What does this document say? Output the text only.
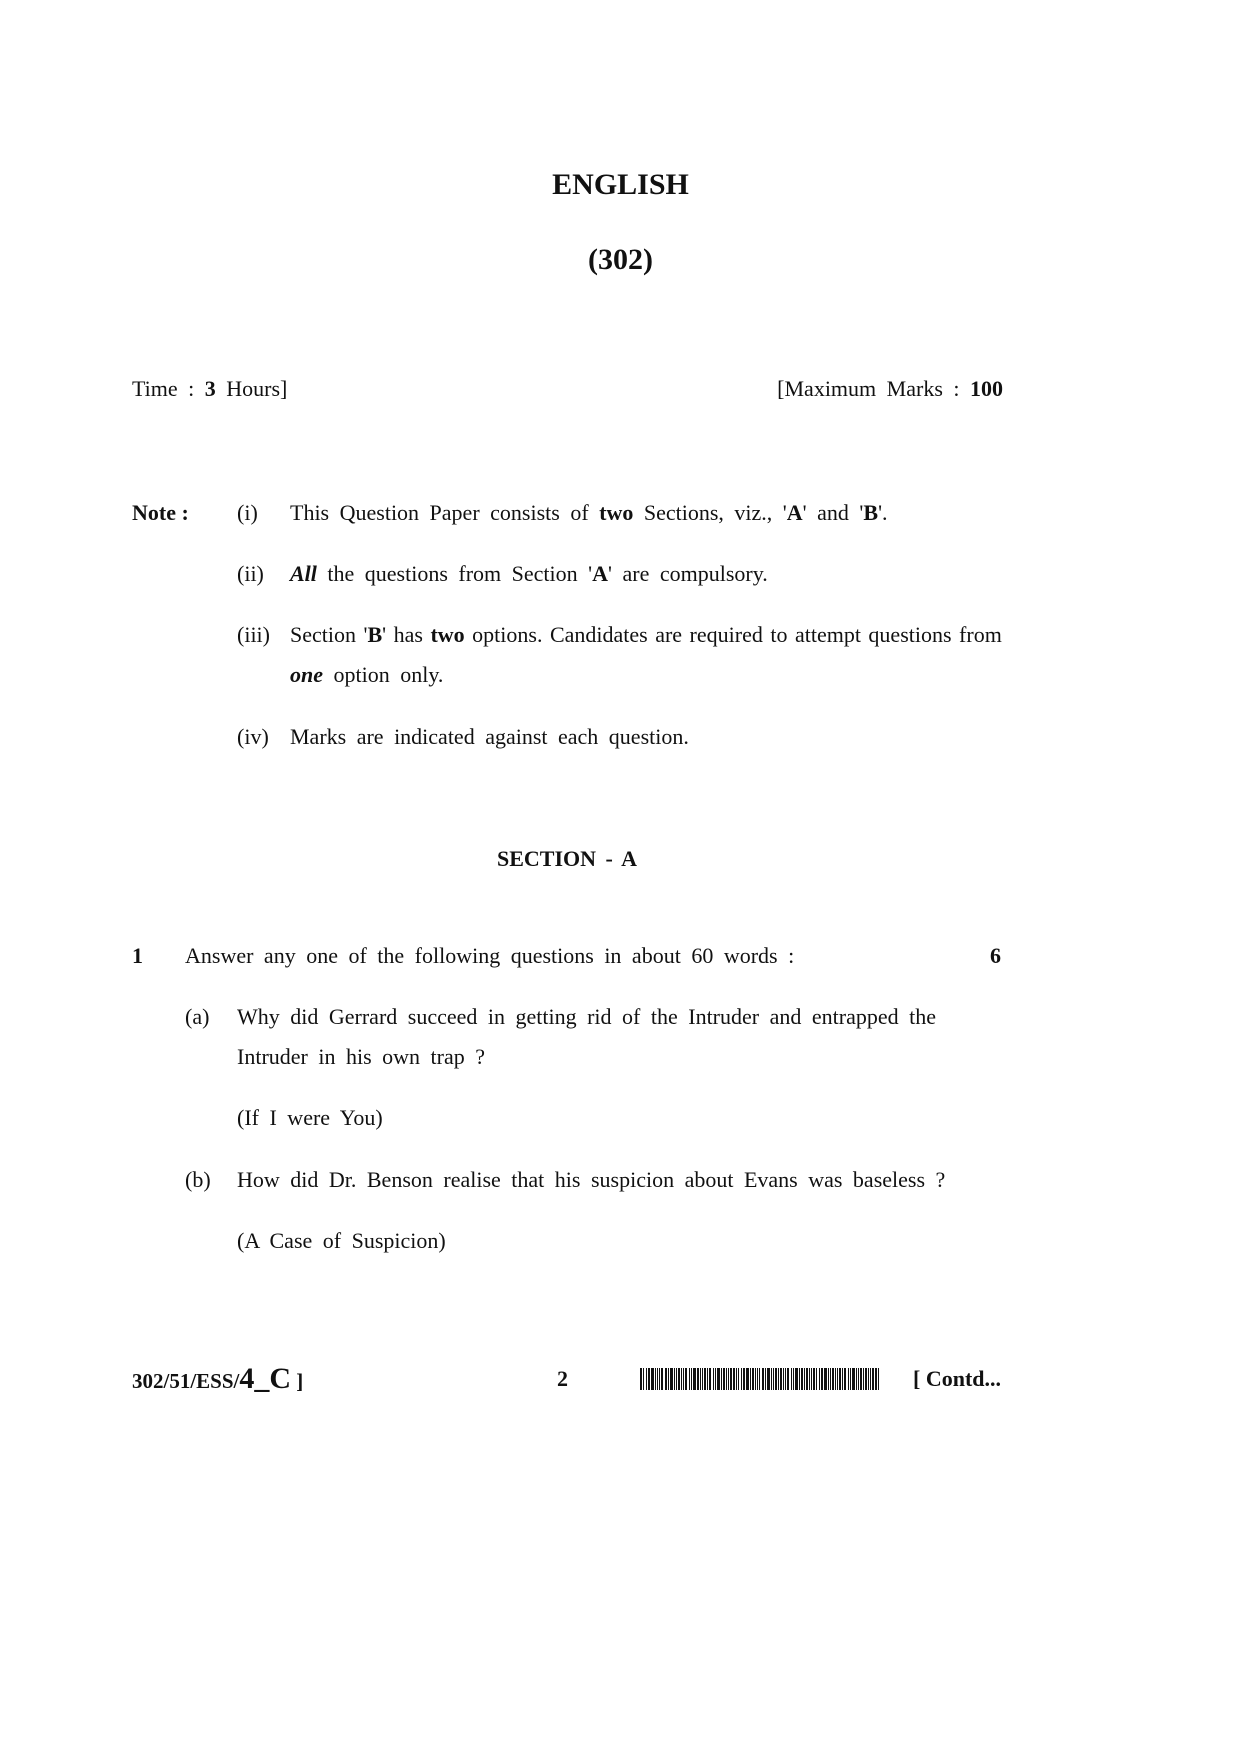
ENGLISH
(302)
Time : 3 Hours]	[Maximum Marks : 100
Note : (i) This Question Paper consists of two Sections, viz., 'A' and 'B'.
(ii) All the questions from Section 'A' are compulsory.
(iii) Section 'B' has two options. Candidates are required to attempt questions from
one option only.
(iv) Marks are indicated against each question.
SECTION - A
1 Answer any one of the following questions in about 60 words :	6
(a) Why did Gerrard succeed in getting rid of the Intruder and entrapped the
Intruder in his own trap ?
(If I were You)
(b) How did Dr. Benson realise that his suspicion about Evans was baseless ?
(A Case of Suspicion)
302/51/ESS/4_C ]	2	[ Contd...
